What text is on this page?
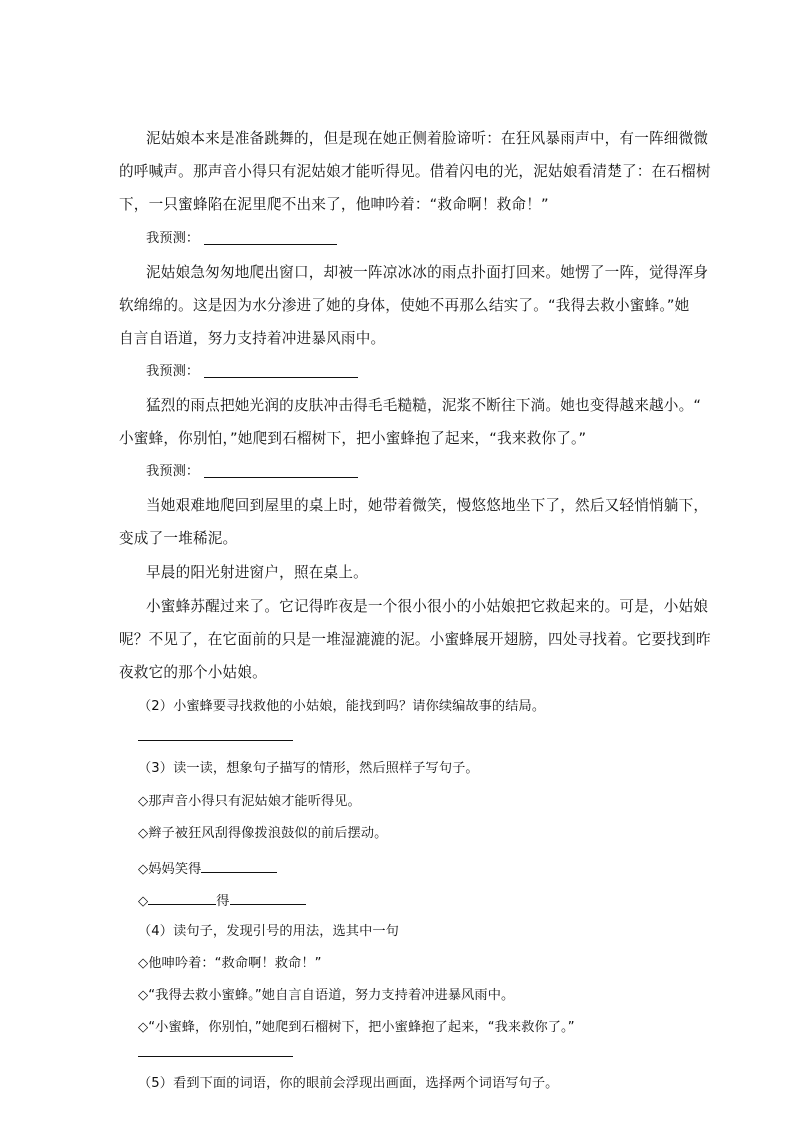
泥姑娘本来是准备跳舞的，但是现在她正侧着脸谛听：在狂风暴雨声中，有一阵细微微
的呼喊声。那声音小得只有泥姑娘才能听得见。借着闪电的光，泥姑娘看清楚了：在石榴树
下，一只蜜蜂陷在泥里爬不出来了，他呻吟着：“救命啊！救命！”
我预测：
泥姑娘急匆匆地爬出窗口，却被一阵凉冰冰的雨点扑面打回来。她愣了一阵，觉得浑身
软绵绵的。这是因为水分渗进了她的身体，使她不再那么结实了。“我得去救小蜜蜂。”她
自言自语道，努力支持着冲进暴风雨中。
我预测：
猛烈的雨点把她光润的皮肤冲击得毛毛糙糙，泥浆不断往下淌。她也变得越来越小。“
小蜜蜂，你别怕，”她爬到石榴树下，把小蜜蜂抱了起来，“我来救你了。”
我预测：
当她艰难地爬回到屋里的桌上时，她带着微笑，慢悠悠地坐下了，然后又轻悄悄躺下，
变成了一堆稀泥。
早晨的阳光射进窗户，照在桌上。
小蜜蜂苏醒过来了。它记得昨夜是一个很小很小的小姑娘把它救起来的。可是，小姑娘
呢？不见了，在它面前的只是一堆湿漉漉的泥。小蜜蜂展开翅膀，四处寻找着。它要找到昨
夜救它的那个小姑娘。
（2）小蜜蜂要寻找救他的小姑娘，能找到吗？请你续编故事的结局。
（3）读一读，想象句子描写的情形，然后照样子写句子。
◇那声音小得只有泥姑娘才能听得见。
◇辫子被狂风刮得像拨浪鼓似的前后摆动。
◇妈妈笑得
◇	得
（4）读句子，发现引号的用法，选其中一句
◇他呻吟着：“救命啊！救命！”
◇“我得去救小蜜蜂。”她自言自语道，努力支持着冲进暴风雨中。
◇“小蜜蜂，你别怕，”她爬到石榴树下，把小蜜蜂抱了起来，“我来救你了。”
（5）看到下面的词语，你的眼前会浮现出画面，选择两个词语写句子。
